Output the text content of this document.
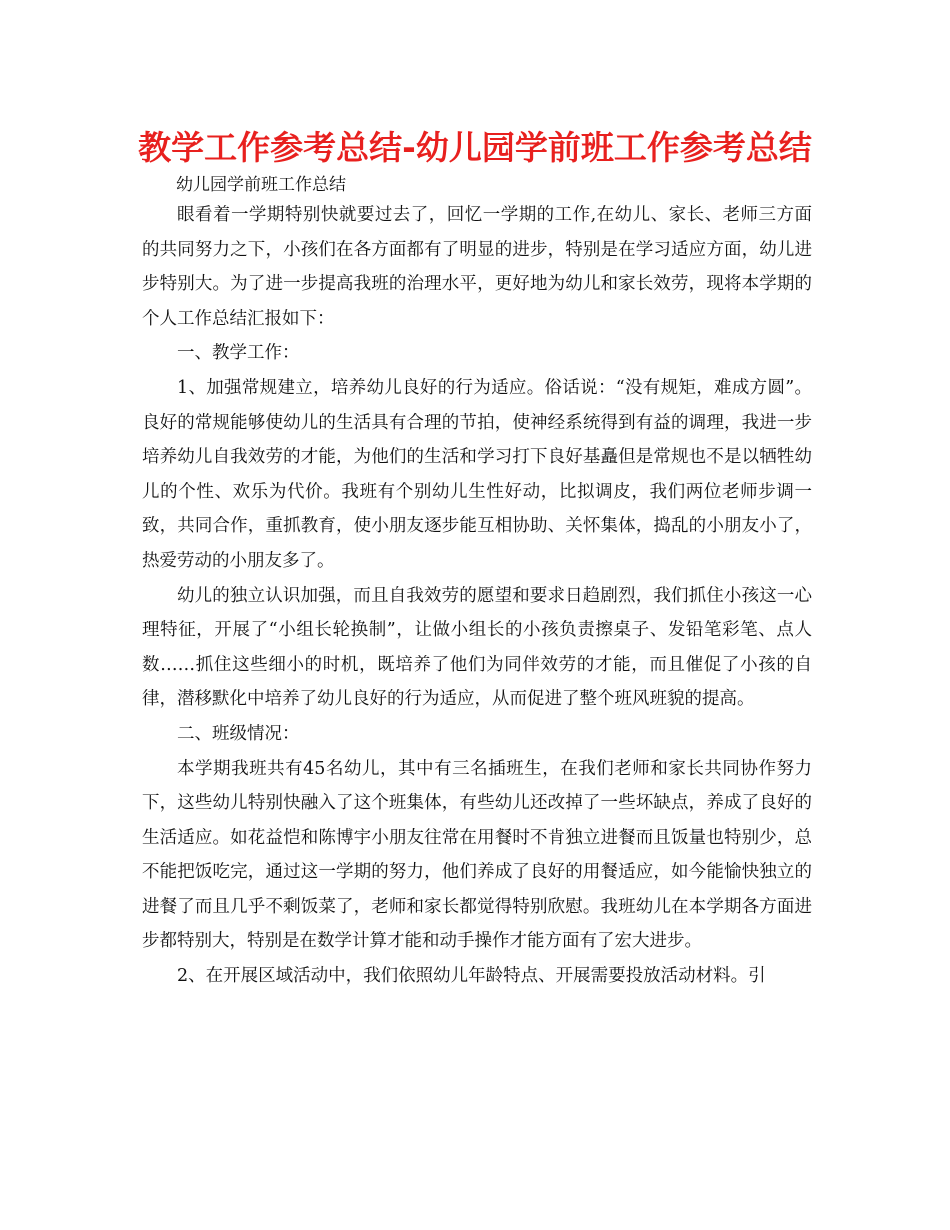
教学工作参考总结-幼儿园学前班工作参考总结
幼儿园学前班工作总结

眼看着一学期特别快就要过去了，回忆一学期的工作,在幼儿、家长、老师三方面的共同努力之下，小孩们在各方面都有了明显的进步，特别是在学习适应方面，幼儿进步特别大。为了进一步提高我班的治理水平，更好地为幼儿和家长效劳，现将本学期的个人工作总结汇报如下：

一、教学工作：

1、加强常规建立，培养幼儿良好的行为适应。俗话说：“没有规矩，难成方圆”。良好的常规能够使幼儿的生活具有合理的节拍，使神经系统得到有益的调理，我进一步培养幼儿自我效劳的才能，为他们的生活和学习打下良好基矗但是常规也不是以牺牲幼儿的个性、欢乐为代价。我班有个别幼儿生性好动，比拟调皮，我们两位老师步调一致，共同合作，重抓教育，使小朋友逐步能互相协助、关怀集体，捣乱的小朋友小了，热爱劳动的小朋友多了。

幼儿的独立认识加强，而且自我效劳的愿望和要求日趋剧烈，我们抓住小孩这一心理特征，开展了“小组长轮换制”，让做小组长的小孩负责擦桌子、发铅笔彩笔、点人数……抓住这些细小的时机，既培养了他们为同伴效劳的才能，而且催促了小孩的自律，潜移默化中培养了幼儿良好的行为适应，从而促进了整个班风班貌的提高。

二、班级情况：

本学期我班共有45名幼儿，其中有三名插班生，在我们老师和家长共同协作努力下，这些幼儿特别快融入了这个班集体，有些幼儿还改掉了一些坏缺点，养成了良好的生活适应。如花益恺和陈博宇小朋友往常在用餐时不肯独立进餐而且饭量也特别少，总不能把饭吃完，通过这一学期的努力，他们养成了良好的用餐适应，如今能愉快独立的进餐了而且几乎不剩饭菜了，老师和家长都觉得特别欣慰。我班幼儿在本学期各方面进步都特别大，特别是在数学计算才能和动手操作才能方面有了宏大进步。

2、在开展区域活动中，我们依照幼儿年龄特点、开展需要投放活动材料。引
